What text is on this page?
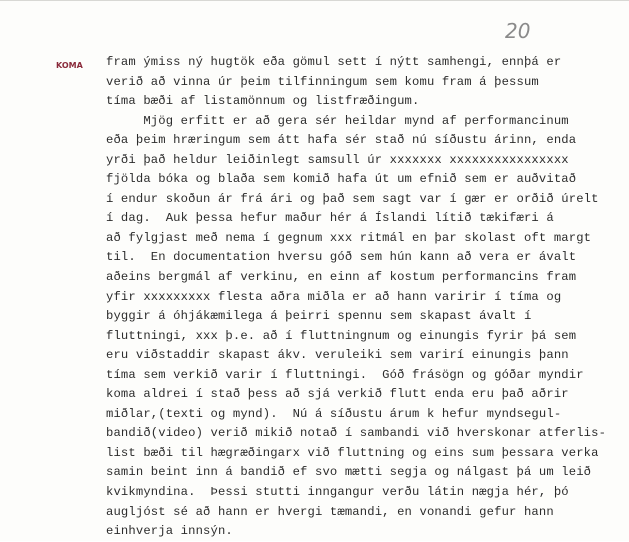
20
KOMA fram ýmiss ný hugtök eða gömul sett í nýtt samhengi, ennþá er
verið að vinna úr þeim tilfinningum sem komu fram á þessum
tíma bæði af listamönnum og listfræðingum.
Mjög erfitt er að gera sér heildar mynd af performancinum
eða þeim hræringum sem átt hafa sér stað nú síðustu árinn, enda
yrði það heldur leiðinlegt samsull úr xxxxxxx xxxxxxxxxxxxxxxx
fjölda bóka og blaða sem komið hafa út um efnið sem er auðvitað
í endur skoðun ár frá ári og það sem sagt var í gær er orðið úrelt
í dag.  Auk þessa hefur maður hér á Íslandi lítið tækifæri á
að fylgjast með nema í gegnum xxx ritmál en þar skolast oft margt
til.  En documentation hversu góð sem hún kann að vera er ávalt
aðeins bergmál af verkinu, en einn af kostum performancins fram
yfir xxxxxxxxx flesta aðra miðla er að hann varirir í tíma og
byggir á óhjákæmilega á þeirri spennu sem skapast ávalt í
fluttningi, xxx þ.e. að í fluttningnum og einungis fyrir þá sem
eru viðstaddir skapast ákv. veruleiki sem varirí einungis þann
tíma sem verkið varir í fluttningi.  Góð frásögn og góðar myndir
koma aldrei í stað þess að sjá verkið flutt enda eru það aðrir
miðlar,(texti og mynd).  Nú á síðustu árum k hefur myndsegul-
bandið(video) verið mikið notað í sambandi við hverskonar atferlis-
list bæði til hægræðingarx við fluttning og eins sum þessara verka
samin beint inn á bandið ef svo mætti segja og nálgast þá um leið
kvikmyndina.  Þessi stutti inngangur verðu látin nægja hér, þó
augljóst sé að hann er hvergi tæmandi, en vonandi gefur hann
einhverja innsýn.
